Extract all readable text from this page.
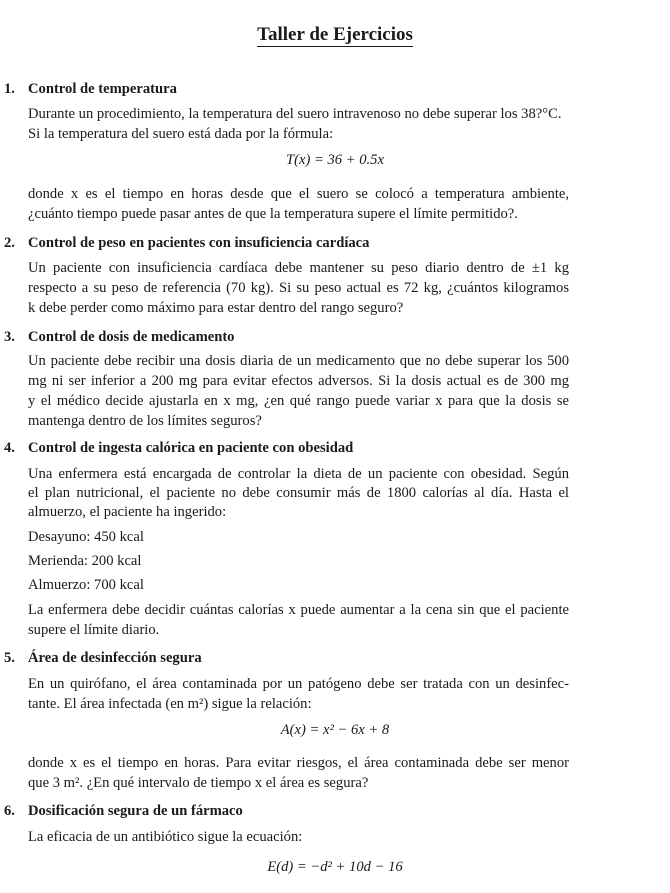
Taller de Ejercicios
1. Control de temperatura
Durante un procedimiento, la temperatura del suero intravenoso no debe superar los 38?°C.
Si la temperatura del suero está dada por la fórmula:
T(x) = 36 + 0.5x
donde x es el tiempo en horas desde que el suero se colocó a temperatura ambiente,
¿cuánto tiempo puede pasar antes de que la temperatura supere el límite permitido?.
2. Control de peso en pacientes con insuficiencia cardíaca
Un paciente con insuficiencia cardíaca debe mantener su peso diario dentro de ±1 kg
respecto a su peso de referencia (70 kg). Si su peso actual es 72 kg, ¿cuántos kilogramos
k debe perder como máximo para estar dentro del rango seguro?
3. Control de dosis de medicamento
Un paciente debe recibir una dosis diaria de un medicamento que no debe superar los 500
mg ni ser inferior a 200 mg para evitar efectos adversos. Si la dosis actual es de 300 mg
y el médico decide ajustarla en x mg, ¿en qué rango puede variar x para que la dosis se
mantenga dentro de los límites seguros?
4. Control de ingesta calórica en paciente con obesidad
Una enfermera está encargada de controlar la dieta de un paciente con obesidad. Según
el plan nutricional, el paciente no debe consumir más de 1800 calorías al día. Hasta el
almuerzo, el paciente ha ingerido:
Desayuno: 450 kcal
Merienda: 200 kcal
Almuerzo: 700 kcal
La enfermera debe decidir cuántas calorías x puede aumentar a la cena sin que el paciente
supere el límite diario.
5. Área de desinfección segura
En un quirófano, el área contaminada por un patógeno debe ser tratada con un desinfec-
tante. El área infectada (en m²) sigue la relación:
A(x) = x² − 6x + 8
donde x es el tiempo en horas. Para evitar riesgos, el área contaminada debe ser menor
que 3 m². ¿En qué intervalo de tiempo x el área es segura?
6. Dosificación segura de un fármaco
La eficacia de un antibiótico sigue la ecuación:
E(d) = −d² + 10d − 16
